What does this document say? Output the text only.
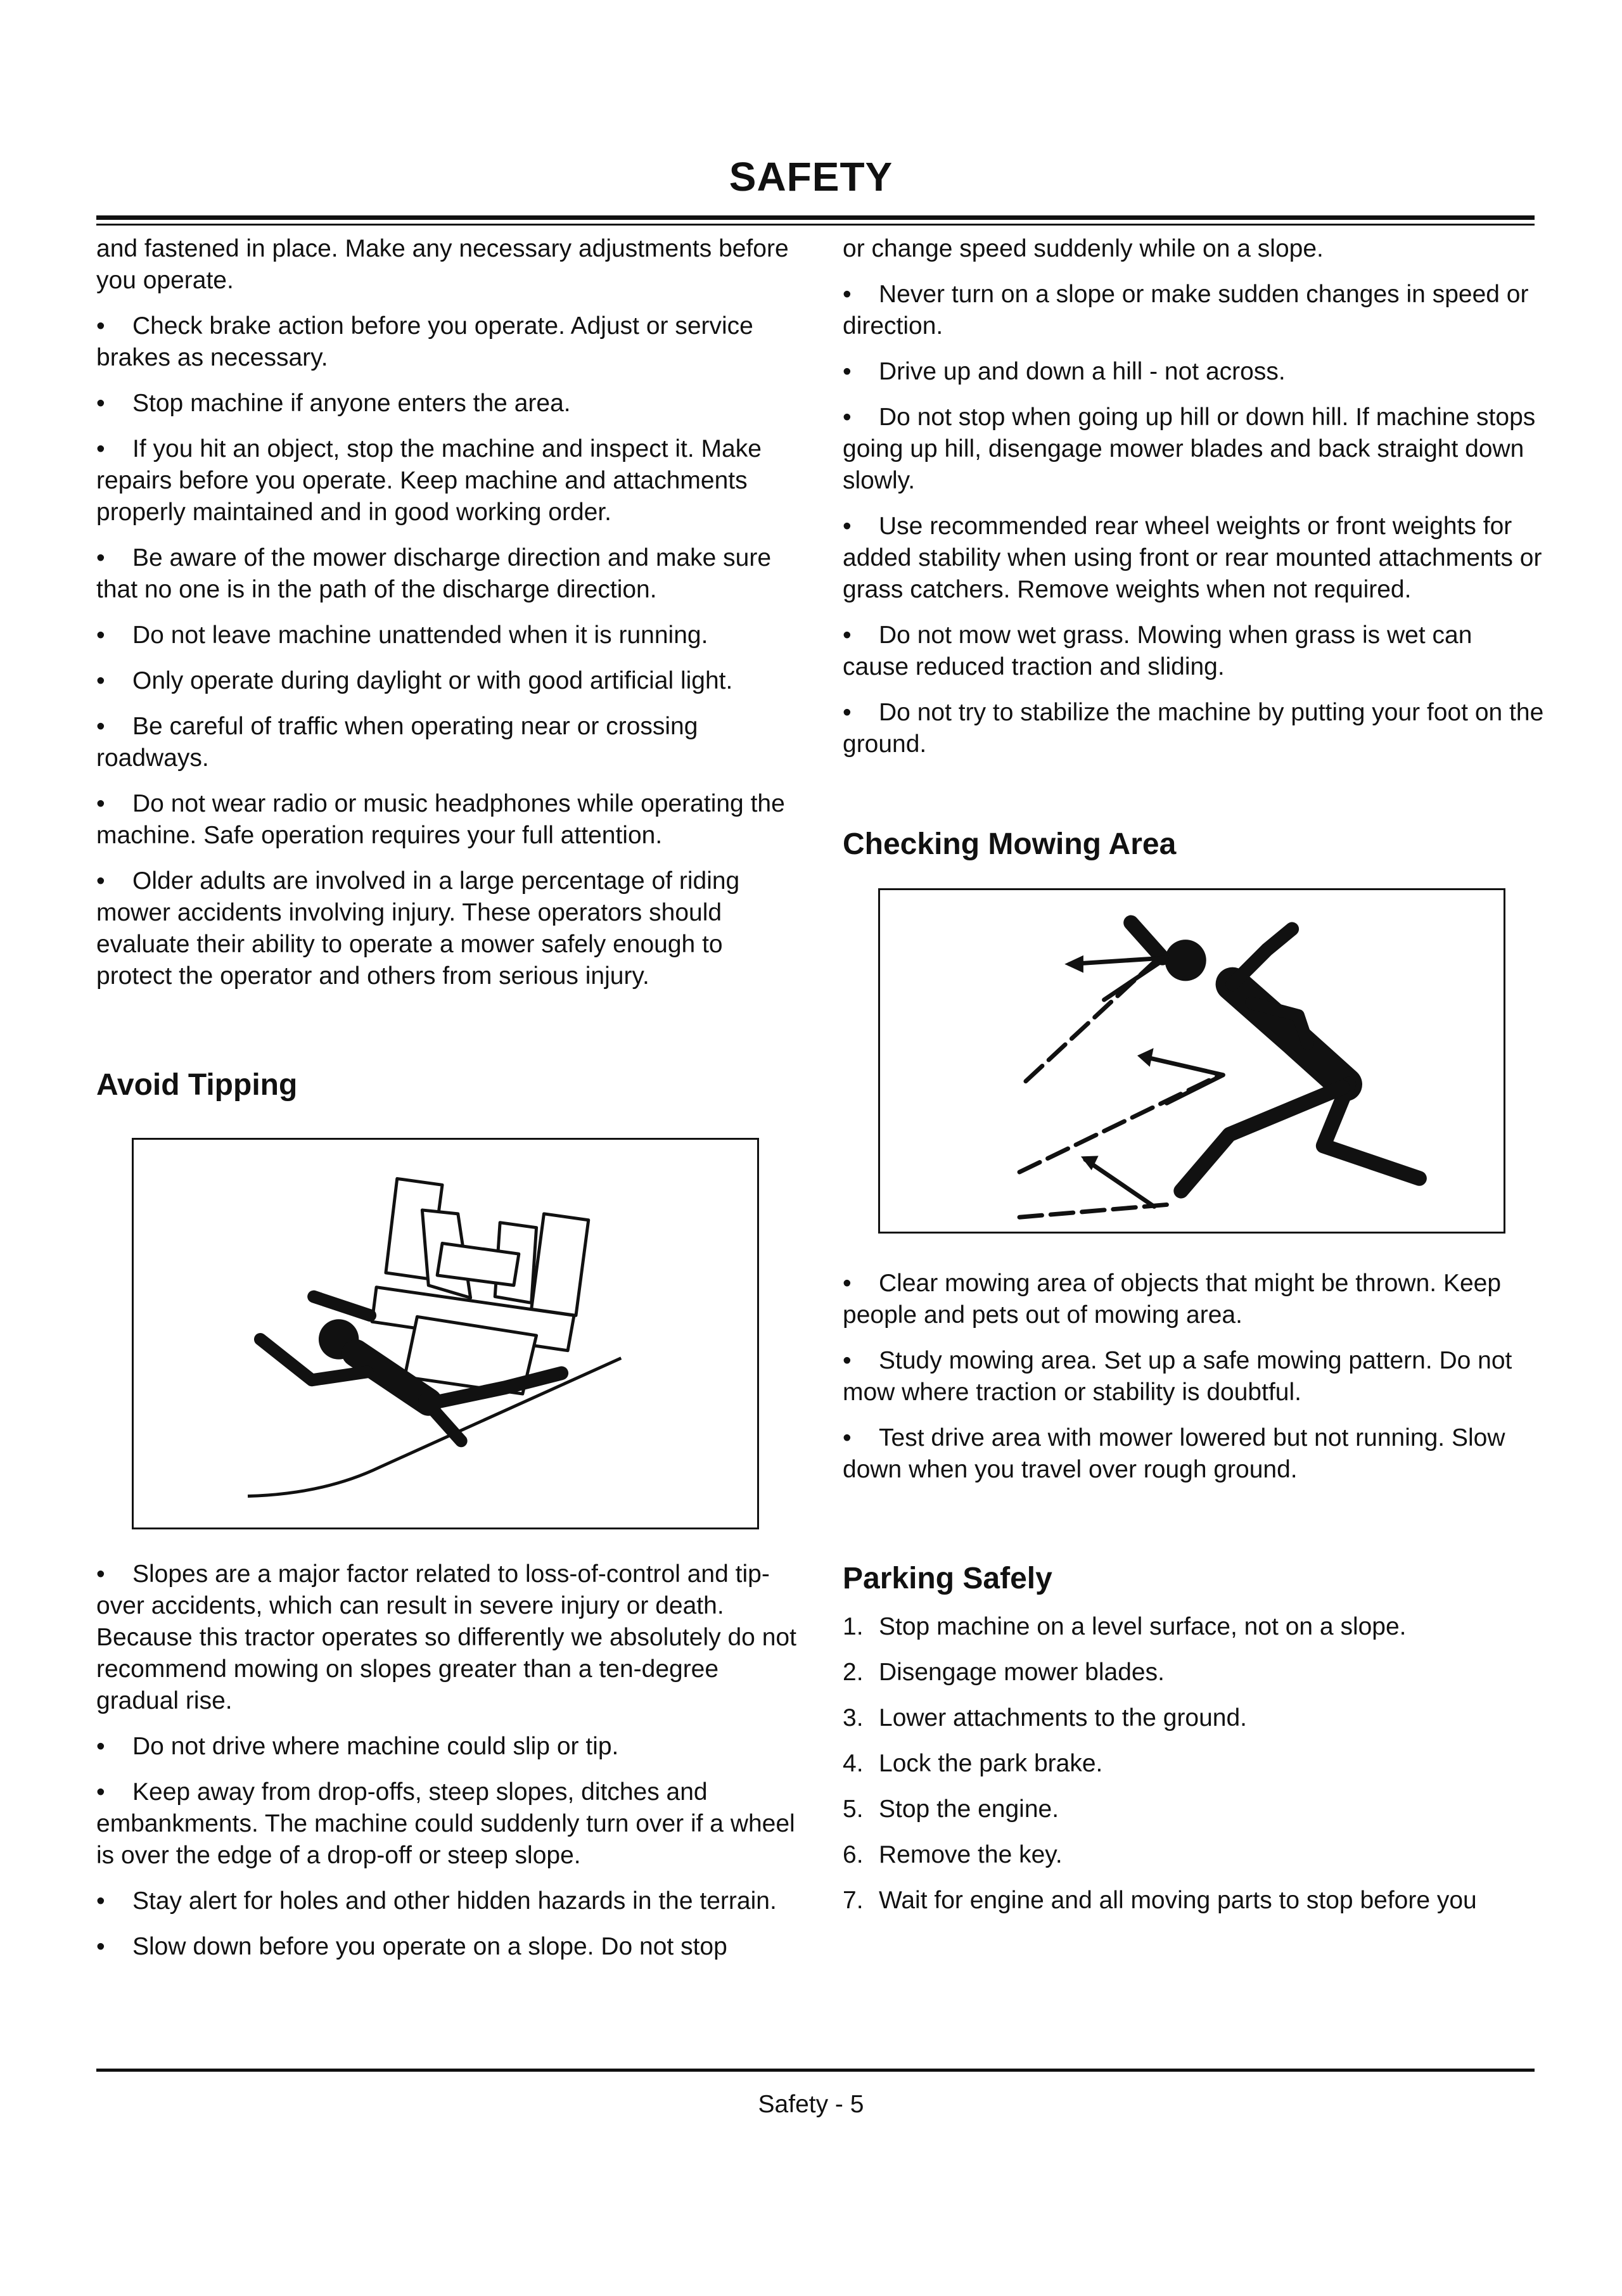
SAFETY

and fastened in place. Make any necessary adjustments before you operate.

• Check brake action before you operate. Adjust or service brakes as necessary.

• Stop machine if anyone enters the area.

• If you hit an object, stop the machine and inspect it. Make repairs before you operate. Keep machine and attachments properly maintained and in good working order.

• Be aware of the mower discharge direction and make sure that no one is in the path of the discharge direction.

• Do not leave machine unattended when it is running.

• Only operate during daylight or with good artificial light.

• Be careful of traffic when operating near or crossing roadways.

• Do not wear radio or music headphones while operating the machine. Safe operation requires your full attention.

• Older adults are involved in a large percentage of riding mower accidents involving injury. These operators should evaluate their ability to operate a mower safely enough to protect the operator and others from serious injury.

Avoid Tipping

• Slopes are a major factor related to loss-of-control and tip-over accidents, which can result in severe injury or death. Because this tractor operates so differently we absolutely do not recommend mowing on slopes greater than a ten-degree gradual rise.

• Do not drive where machine could slip or tip.

• Keep away from drop-offs, steep slopes, ditches and embankments. The machine could suddenly turn over if a wheel is over the edge of a drop-off or steep slope.

• Stay alert for holes and other hidden hazards in the terrain.

• Slow down before you operate on a slope. Do not stop

or change speed suddenly while on a slope.

• Never turn on a slope or make sudden changes in speed or direction.

• Drive up and down a hill - not across.

• Do not stop when going up hill or down hill. If machine stops going up hill, disengage mower blades and back straight down slowly.

• Use recommended rear wheel weights or front weights for added stability when using front or rear mounted attachments or grass catchers. Remove weights when not required.

• Do not mow wet grass. Mowing when grass is wet can cause reduced traction and sliding.

• Do not try to stabilize the machine by putting your foot on the ground.

Checking Mowing Area

• Clear mowing area of objects that might be thrown. Keep people and pets out of mowing area.

• Study mowing area. Set up a safe mowing pattern. Do not mow where traction or stability is doubtful.

• Test drive area with mower lowered but not running. Slow down when you travel over rough ground.

Parking Safely
1. Stop machine on a level surface, not on a slope.
2. Disengage mower blades.
3. Lower attachments to the ground.
4. Lock the park brake.
5. Stop the engine.
6. Remove the key.
7. Wait for engine and all moving parts to stop before you

Safety - 5
